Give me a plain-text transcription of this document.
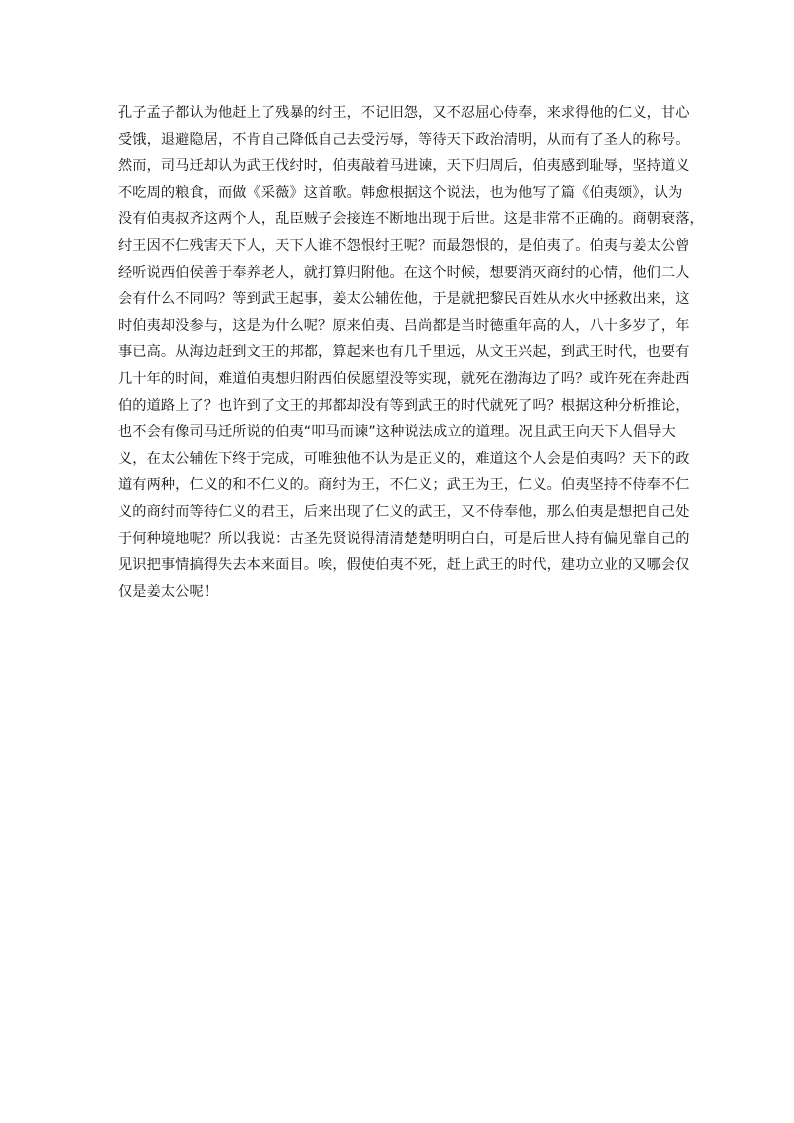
孔子孟子都认为他赶上了残暴的纣王，不记旧怨，又不忍屈心侍奉，来求得他的仁义，甘心
受饿，退避隐居，不肯自己降低自己去受污辱，等待天下政治清明，从而有了圣人的称号。
然而，司马迁却认为武王伐纣时，伯夷敲着马进谏，天下归周后，伯夷感到耻辱，坚持道义
不吃周的粮食，而做《采薇》这首歌。韩愈根据这个说法，也为他写了篇《伯夷颂》，认为
没有伯夷叔齐这两个人，乱臣贼子会接连不断地出现于后世。这是非常不正确的。商朝衰落，
纣王因不仁残害天下人，天下人谁不怨恨纣王呢？而最怨恨的，是伯夷了。伯夷与姜太公曾
经听说西伯侯善于奉养老人，就打算归附他。在这个时候，想要消灭商纣的心情，他们二人
会有什么不同吗？等到武王起事，姜太公辅佐他，于是就把黎民百姓从水火中拯救出来，这
时伯夷却没参与，这是为什么呢？原来伯夷、吕尚都是当时德重年高的人，八十多岁了，年
事已高。从海边赶到文王的邦都，算起来也有几千里远，从文王兴起，到武王时代，也要有
几十年的时间，难道伯夷想归附西伯侯愿望没等实现，就死在渤海边了吗？或许死在奔赴西
伯的道路上了？也许到了文王的邦都却没有等到武王的时代就死了吗？根据这种分析推论，
也不会有像司马迁所说的伯夷“叩马而谏”这种说法成立的道理。况且武王向天下人倡导大
义，在太公辅佐下终于完成，可唯独他不认为是正义的，难道这个人会是伯夷吗？天下的政
道有两种，仁义的和不仁义的。商纣为王，不仁义；武王为王，仁义。伯夷坚持不侍奉不仁
义的商纣而等待仁义的君王，后来出现了仁义的武王，又不侍奉他，那么伯夷是想把自己处
于何种境地呢？所以我说：古圣先贤说得清清楚楚明明白白，可是后世人持有偏见靠自己的
见识把事情搞得失去本来面目。唉，假使伯夷不死，赶上武王的时代，建功立业的又哪会仅
仅是姜太公呢！
